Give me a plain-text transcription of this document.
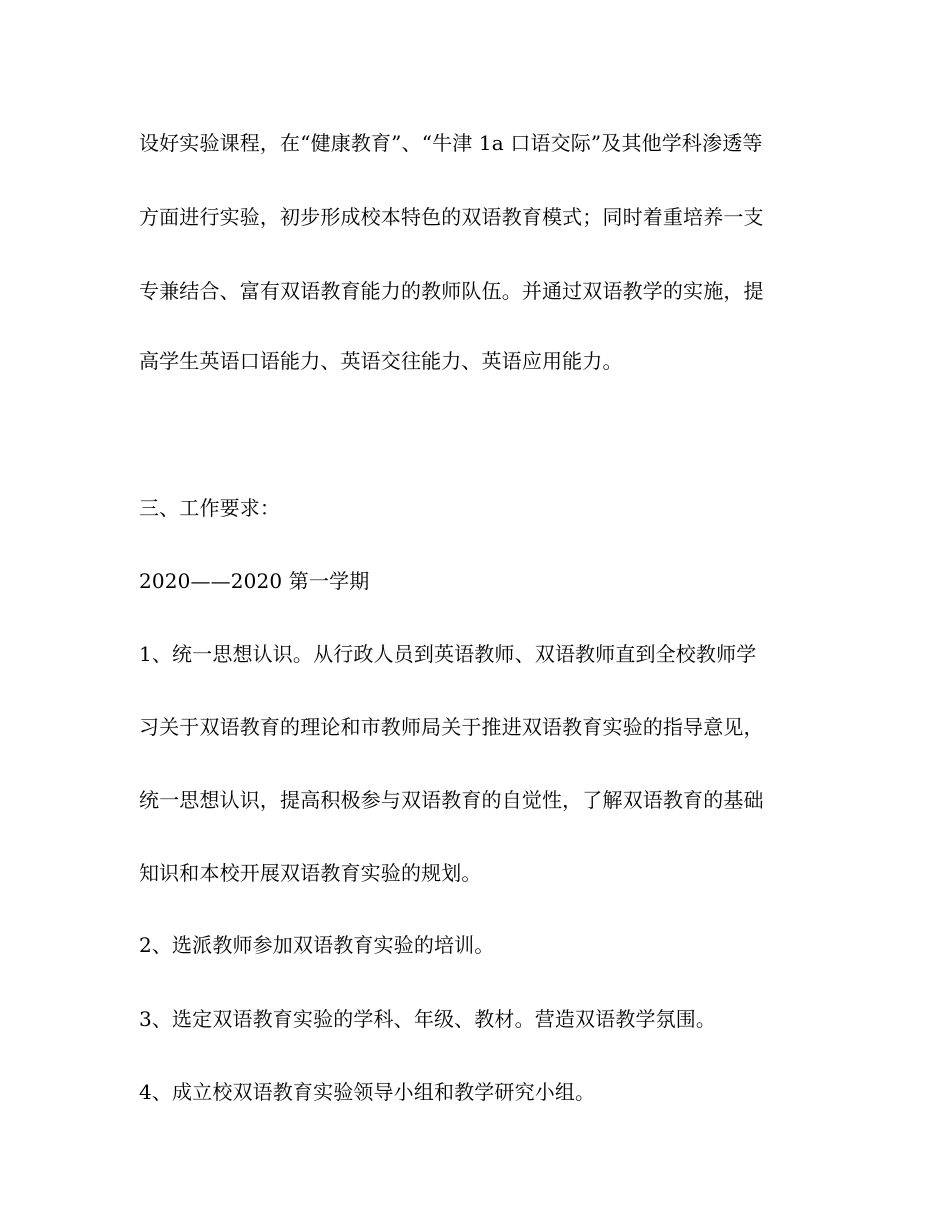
设好实验课程，在“健康教育”、“牛津 1a 口语交际”及其他学科渗透等

方面进行实验，初步形成校本特色的双语教育模式；同时着重培养一支

专兼结合、富有双语教育能力的教师队伍。并通过双语教学的实施，提

高学生英语口语能力、英语交往能力、英语应用能力。

三、工作要求：

2020——2020 第一学期

1、统一思想认识。从行政人员到英语教师、双语教师直到全校教师学

习关于双语教育的理论和市教师局关于推进双语教育实验的指导意见，

统一思想认识，提高积极参与双语教育的自觉性，了解双语教育的基础

知识和本校开展双语教育实验的规划。

2、选派教师参加双语教育实验的培训。

3、选定双语教育实验的学科、年级、教材。营造双语教学氛围。

4、成立校双语教育实验领导小组和教学研究小组。
